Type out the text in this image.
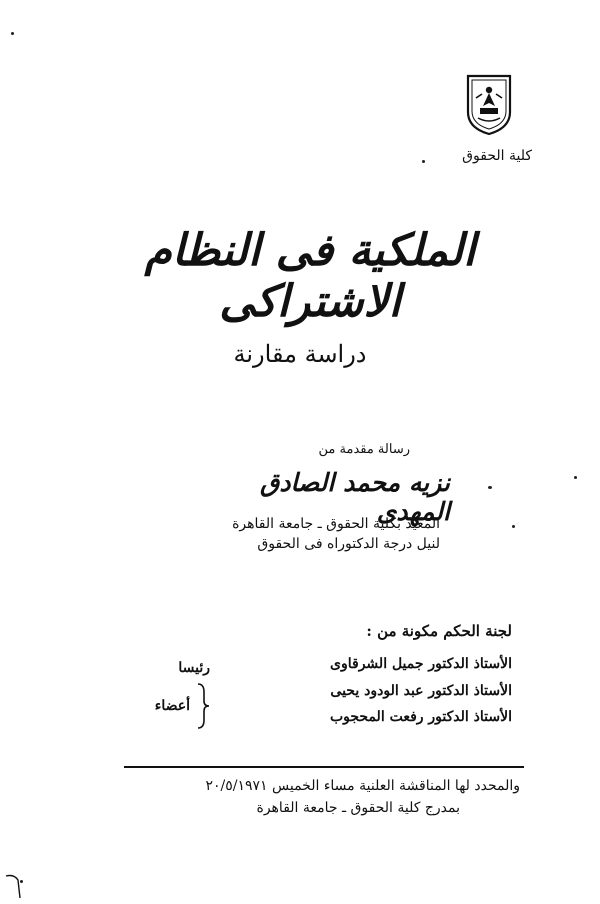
كلية الحقوق
الملكية فى النظام الاشتراكى
دراسة مقارنة
رسالة مقدمة من
نزيه محمد الصادق المهدى
المعيد بكلية الحقوق ـ جامعة القاهرة
لنيل درجة الدكتوراه فى الحقوق
لجنة الحكم مكونة من :
الأستاذ الدكتور جميل الشرقاوى
الأستاذ الدكتور عبد الودود يحيى
الأستاذ الدكتور رفعت المحجوب
رئيسا
أعضاء
والمحدد لها المناقشة العلنية مساء الخميس ٢٠/٥/١٩٧١
بمدرج كلية الحقوق ـ جامعة القاهرة
